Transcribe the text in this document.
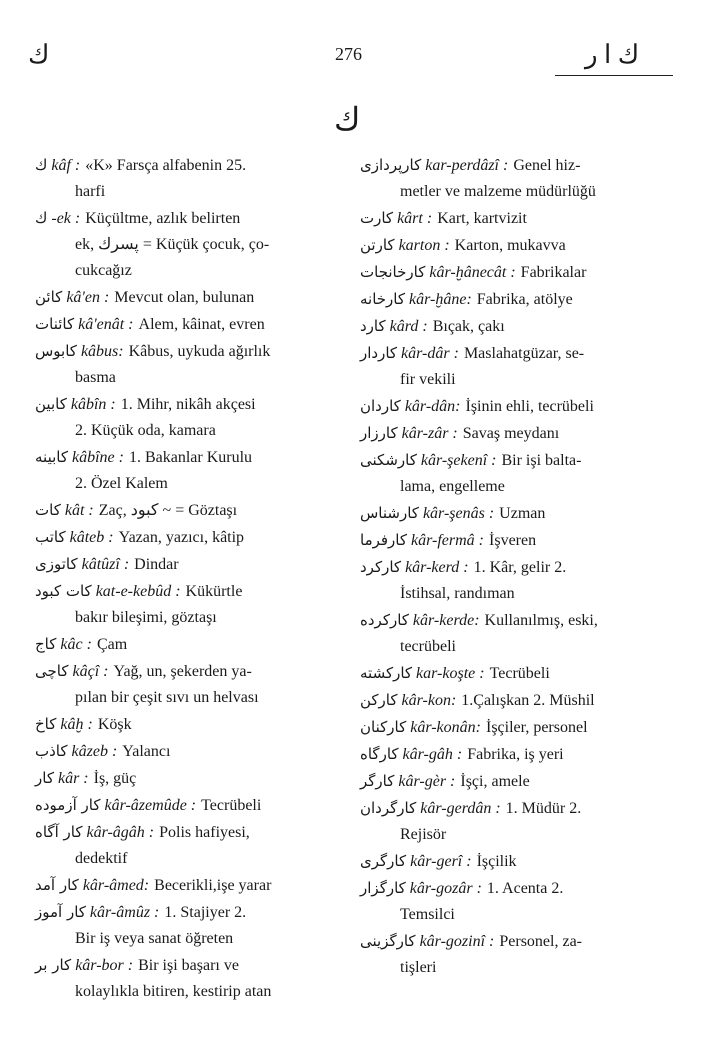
ك	276	ك ا ر
ك
ك kâf : «K» Farsça alfabenin 25.
harfi
ك -ek : Küçültme, azlık belirten
ek, پسرك = Küçük çocuk, ço-
cukcağız
كائن kâ'en : Mevcut olan, bulunan
كائنات kâ'enât : Alem, kâinat, evren
كابوس kâbus: Kâbus, uykuda ağırlık
basma
كابين kâbîn : 1. Mihr, nikâh akçesi
2. Küçük oda, kamara
كابينه kâbîne : 1. Bakanlar Kurulu
2. Özel Kalem
كات kât : Zaç, كبود ~ = Göztaşı
كاتب kâteb : Yazan, yazıcı, kâtip
كاتوزى kâtûzî : Dindar
كات كبود kat-e-kebûd : Kükürtle
bakır bileşimi, göztaşı
كاج kâc : Çam
كاچى kâçî : Yağ, un, şekerden ya-
pılan bir çeşit sıvı un helvası
كاخ kâḫ : Köşk
كاذب kâzeb : Yalancı
كار kâr : İş, güç
كار آزموده kâr-âzemûde : Tecrübeli
كار آگاه kâr-âgâh : Polis hafiyesi,
dedektif
كار آمد kâr-âmed: Becerikli,işe yarar
كار آموز kâr-âmûz : 1. Stajiyer 2.
Bir iş veya sanat öğreten
كار بر kâr-bor : Bir işi başarı ve
kolaylıkla bitiren, kestirip atan
كارپردازى kar-perdâzî : Genel hiz-
metler ve malzeme müdürlüğü
كارت kârt : Kart, kartvizit
كارتن karton : Karton, mukavva
كارخانجات kâr-ḫânecât : Fabrikalar
كارخانه kâr-ḫâne: Fabrika, atölye
كارد kârd : Bıçak, çakı
كاردار kâr-dâr : Maslahatgüzar, se-
fir vekili
كاردان kâr-dân: İşinin ehli, tecrübeli
كارزار kâr-zâr : Savaş meydanı
كارشكنى kâr-şekenî : Bir işi balta-
lama, engelleme
كارشناس kâr-şenâs : Uzman
كارفرما kâr-fermâ : İşveren
كاركرد kâr-kerd : 1. Kâr, gelir 2.
İstihsal, randıman
كاركرده kâr-kerde: Kullanılmış, eski,
tecrübeli
كاركشته kar-koşte : Tecrübeli
كاركن kâr-kon: 1.Çalışkan 2. Müshil
كاركنان kâr-konân: İşçiler, personel
كارگاه kâr-gâh : Fabrika, iş yeri
كارگر kâr-gèr : İşçi, amele
كارگردان kâr-gerdân : 1. Müdür 2.
Rejisör
كارگرى kâr-gerî : İşçilik
كارگزار kâr-gozâr : 1. Acenta 2.
Temsilci
كارگزينى kâr-gozinî : Personel, za-
tişleri
